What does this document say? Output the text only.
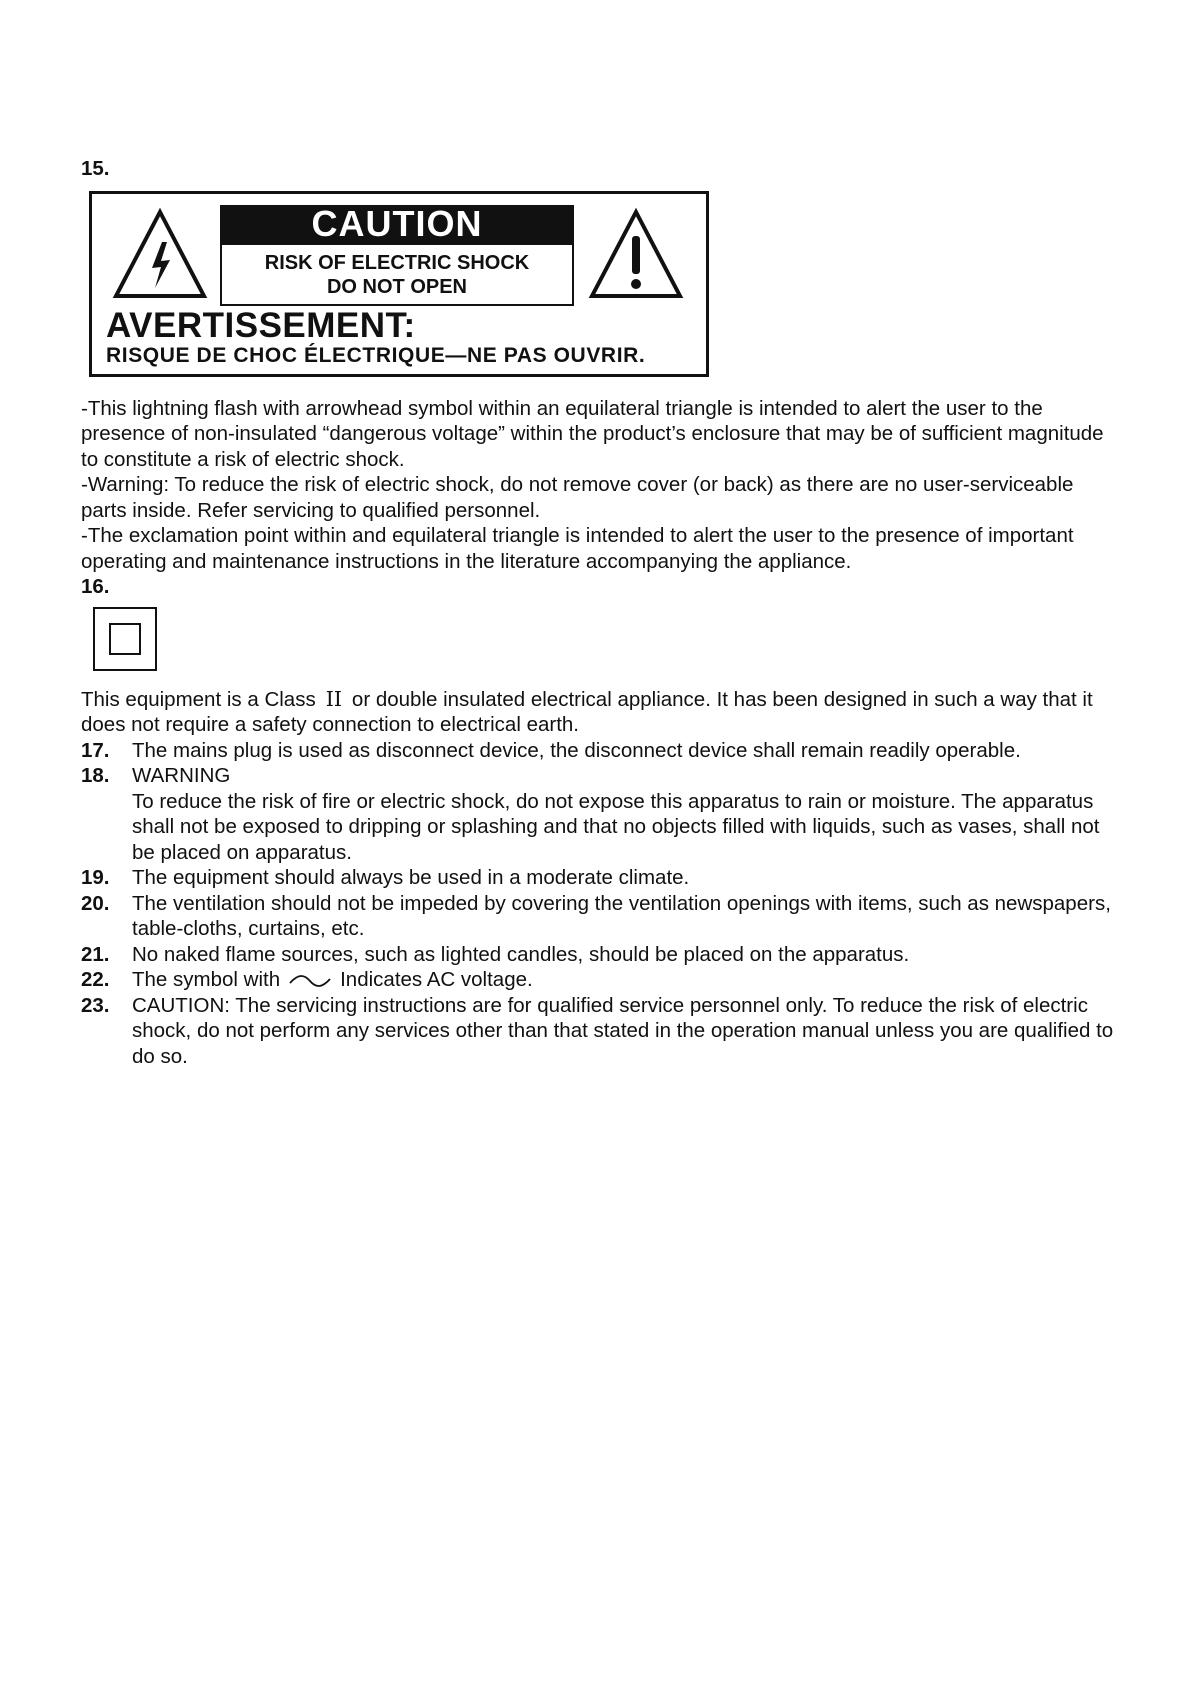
15.
CAUTION
RISK OF ELECTRIC SHOCK
DO NOT OPEN
AVERTISSEMENT:
RISQUE DE CHOC ÉLECTRIQUE—NE PAS OUVRIR.

-This lightning flash with arrowhead symbol within an equilateral triangle is intended to alert the user to the presence of non-insulated “dangerous voltage” within the product’s enclosure that may be of sufficient magnitude to constitute a risk of electric shock.

-Warning: To reduce the risk of electric shock, do not remove cover (or back) as there are no user-serviceable parts inside. Refer servicing to qualified personnel.

-The exclamation point within and equilateral triangle is intended to alert the user to the presence of important operating and maintenance instructions in the literature accompanying the appliance.

16.

This equipment is a Class II or double insulated electrical appliance. It has been designed in such a way that it does not require a safety connection to electrical earth.

17.	The mains plug is used as disconnect device, the disconnect device shall remain readily operable.
18.	WARNING
To reduce the risk of fire or electric shock, do not expose this apparatus to rain or moisture. The apparatus shall not be exposed to dripping or splashing and that no objects filled with liquids, such as vases, shall not be placed on apparatus.
19.	The equipment should always be used in a moderate climate.
20.	The ventilation should not be impeded by covering the ventilation openings with items, such as newspapers, table-cloths, curtains, etc.
21.	No naked flame sources, such as lighted candles, should be placed on the apparatus.
22.	The symbol with	Indicates AC voltage.
23.	CAUTION: The servicing instructions are for qualified service personnel only. To reduce the risk of electric shock, do not perform any services other than that stated in the operation manual unless you are qualified to do so.
